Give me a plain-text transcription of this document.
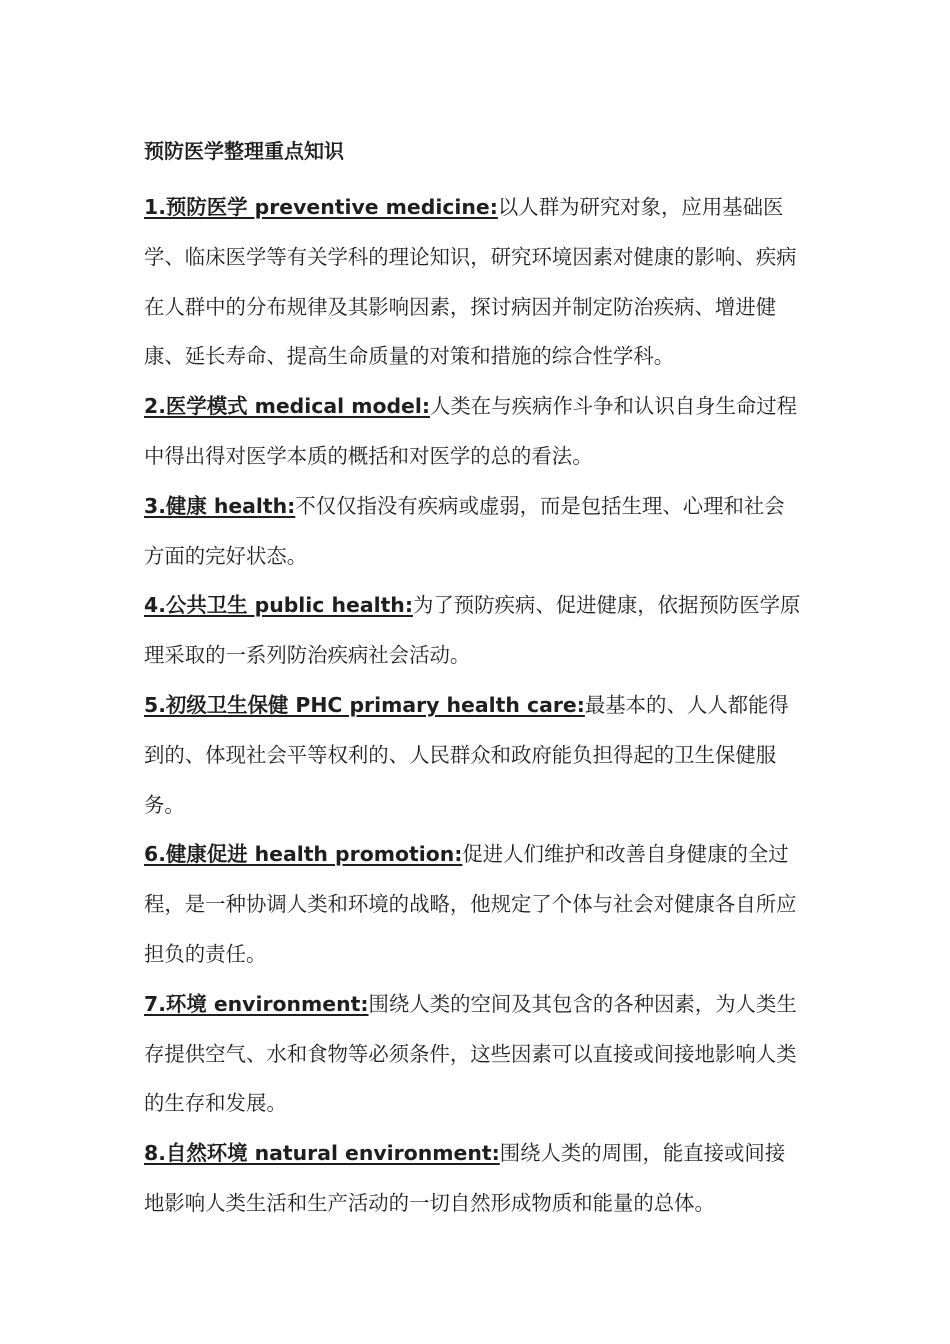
预防医学整理重点知识

1.预防医学 preventive medicine:以人群为研究对象，应用基础医学、临床医学等有关学科的理论知识，研究环境因素对健康的影响、疾病在人群中的分布规律及其影响因素，探讨病因并制定防治疾病、增进健康、延长寿命、提高生命质量的对策和措施的综合性学科。

2.医学模式 medical model:人类在与疾病作斗争和认识自身生命过程中得出得对医学本质的概括和对医学的总的看法。

3.健康 health:不仅仅指没有疾病或虚弱，而是包括生理、心理和社会方面的完好状态。

4.公共卫生 public health:为了预防疾病、促进健康，依据预防医学原理采取的一系列防治疾病社会活动。

5.初级卫生保健 PHC primary health care:最基本的、人人都能得到的、体现社会平等权利的、人民群众和政府能负担得起的卫生保健服务。

6.健康促进 health promotion:促进人们维护和改善自身健康的全过程，是一种协调人类和环境的战略，他规定了个体与社会对健康各自所应担负的责任。

7.环境 environment:围绕人类的空间及其包含的各种因素，为人类生存提供空气、水和食物等必须条件，这些因素可以直接或间接地影响人类的生存和发展。

8.自然环境 natural environment:围绕人类的周围，能直接或间接地影响人类生活和生产活动的一切自然形成物质和能量的总体。
